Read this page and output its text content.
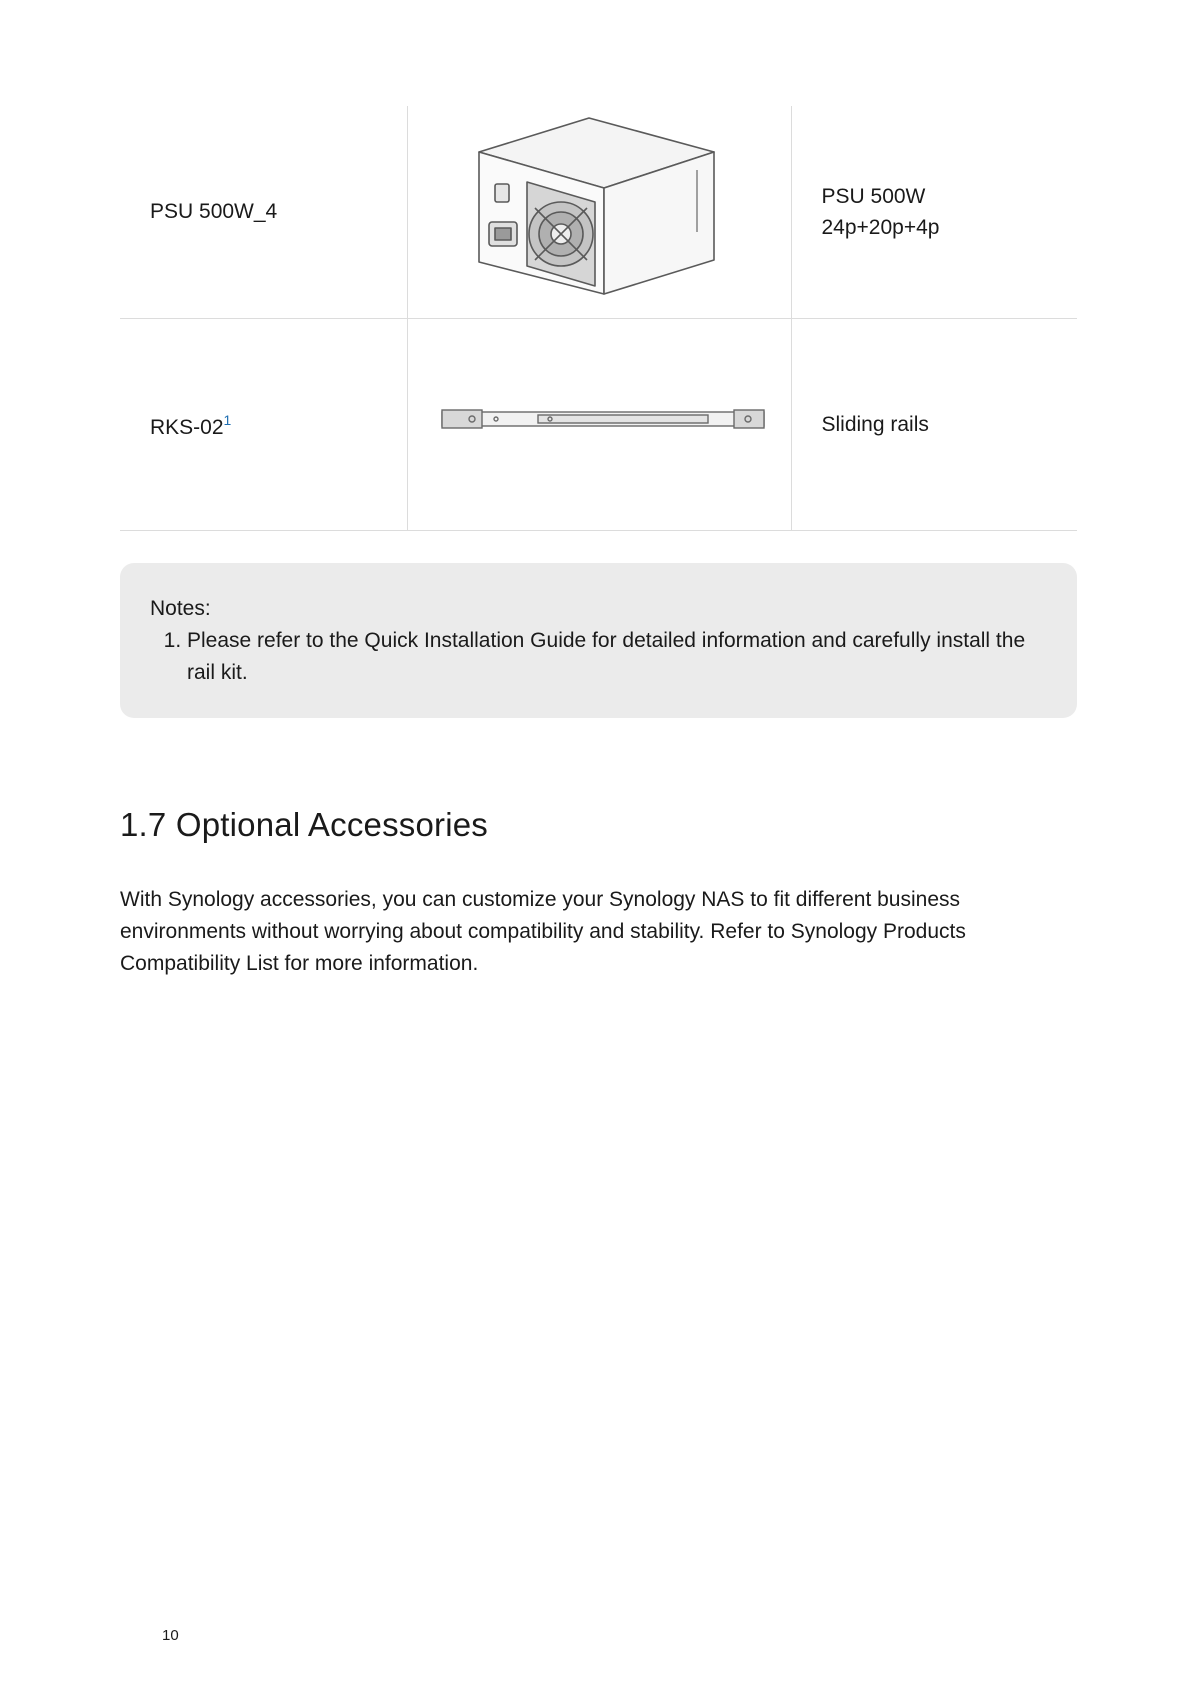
PSU 500W_4		PSU 500W
24p+20p+4p
RKS-02$^1$		Sliding rails
Notes:
1. Please refer to the Quick Installation Guide for detailed information and carefully install the rail kit.
1.7 Optional Accessories

With Synology accessories, you can customize your Synology NAS to fit different business environments without worrying about compatibility and stability. Refer to Synology Products Compatibility List for more information.

10
